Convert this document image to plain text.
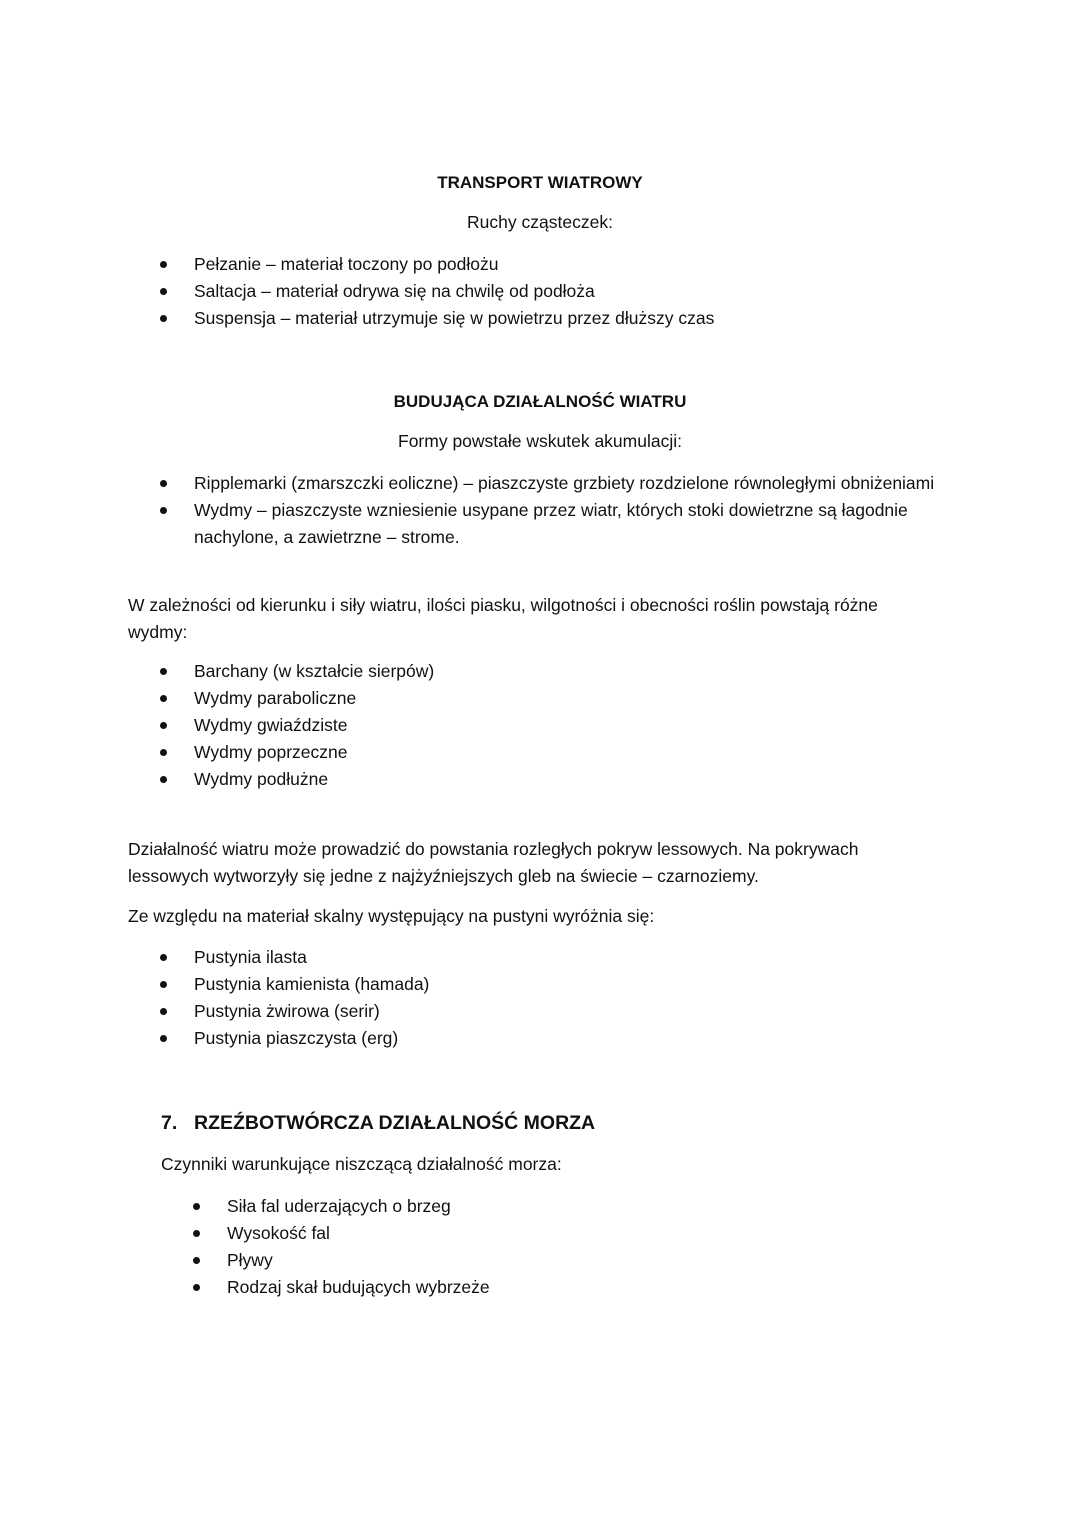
TRANSPORT WIATROWY
Ruchy cząsteczek:
Pełzanie – materiał toczony po podłożu
Saltacja – materiał odrywa się na chwilę od podłoża
Suspensja – materiał utrzymuje się w powietrzu przez dłuższy czas
BUDUJĄCA DZIAŁALNOŚĆ WIATRU
Formy powstałe wskutek akumulacji:
Ripplemarki (zmarszczki eoliczne) – piaszczyste grzbiety rozdzielone równoległymi obniżeniami
Wydmy – piaszczyste wzniesienie usypane przez wiatr, których stoki dowietrzne są łagodnie nachylone, a zawietrzne – strome.
W zależności od kierunku i siły wiatru, ilości piasku, wilgotności i obecności roślin powstają różne wydmy:
Barchany (w kształcie sierpów)
Wydmy paraboliczne
Wydmy gwiaździste
Wydmy poprzeczne
Wydmy podłużne
Działalność wiatru może prowadzić do powstania rozległych pokryw lessowych. Na pokrywach lessowych wytworzyły się jedne z najżyźniejszych gleb na świecie – czarnoziemy.
Ze względu na materiał skalny występujący na pustyni wyróżnia się:
Pustynia ilasta
Pustynia kamienista (hamada)
Pustynia żwirowa (serir)
Pustynia piaszczysta (erg)
7. RZEŹBOTWÓRCZA DZIAŁALNOŚĆ MORZA
Czynniki warunkujące niszczącą działalność morza:
Siła fal uderzających o brzeg
Wysokość fal
Pływy
Rodzaj skał budujących wybrzeże
